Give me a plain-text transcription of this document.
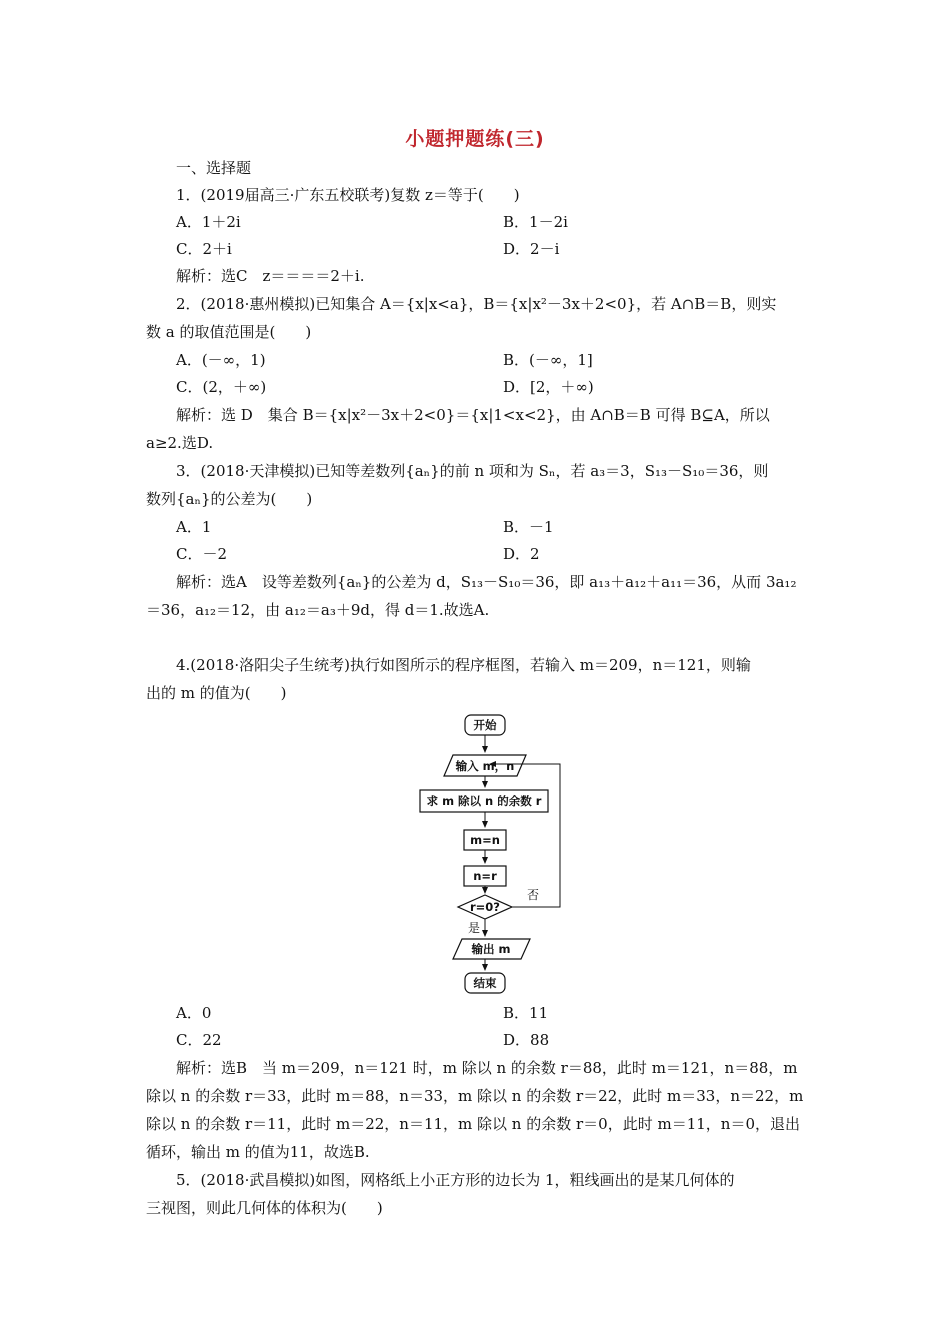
小题押题练(三)
一、选择题
1．(2019届高三·广东五校联考)复数 z＝等于(　　)
A．1＋2i	B．1－2i
C．2＋i	D．2－i
解析：选C　z＝＝＝＝2＋i.
2．(2018·惠州模拟)已知集合 A＝{x|x<a}，B＝{x|x²－3x＋2<0}，若 A∩B＝B，则实
数 a 的取值范围是(　　)
A．(－∞，1)	B．(－∞，1]
C．(2，＋∞)	D．[2，＋∞)
解析：选 D　集合 B＝{x|x²－3x＋2<0}＝{x|1<x<2}，由 A∩B＝B 可得 B⊆A，所以
a≥2.选D.
3．(2018·天津模拟)已知等差数列{aₙ}的前 n 项和为 Sₙ，若 a₃＝3，S₁₃－S₁₀＝36，则
数列{aₙ}的公差为(　　)
A．1	B．－1
C．－2	D．2
解析：选A　设等差数列{aₙ}的公差为 d，S₁₃－S₁₀＝36，即 a₁₃＋a₁₂＋a₁₁＝36，从而 3a₁₂
＝36，a₁₂＝12，由 a₁₂＝a₃＋9d，得 d＝1.故选A.
4.(2018·洛阳尖子生统考)执行如图所示的程序框图，若输入 m＝209，n＝121，则输
出的 m 的值为(　　)
开始
输入 m，n
求 m 除以 n 的余数 r
m=n
n=r
r=0?
否
是
输出 m
结束
A．0	B．11
C．22	D．88
解析：选B　当 m＝209，n＝121 时，m 除以 n 的余数 r＝88，此时 m＝121，n＝88，m
除以 n 的余数 r＝33，此时 m＝88，n＝33，m 除以 n 的余数 r＝22，此时 m＝33，n＝22，m
除以 n 的余数 r＝11，此时 m＝22，n＝11，m 除以 n 的余数 r＝0，此时 m＝11，n＝0，退出
循环，输出 m 的值为11，故选B.
5．(2018·武昌模拟)如图，网格纸上小正方形的边长为 1，粗线画出的是某几何体的
三视图，则此几何体的体积为(　　)
